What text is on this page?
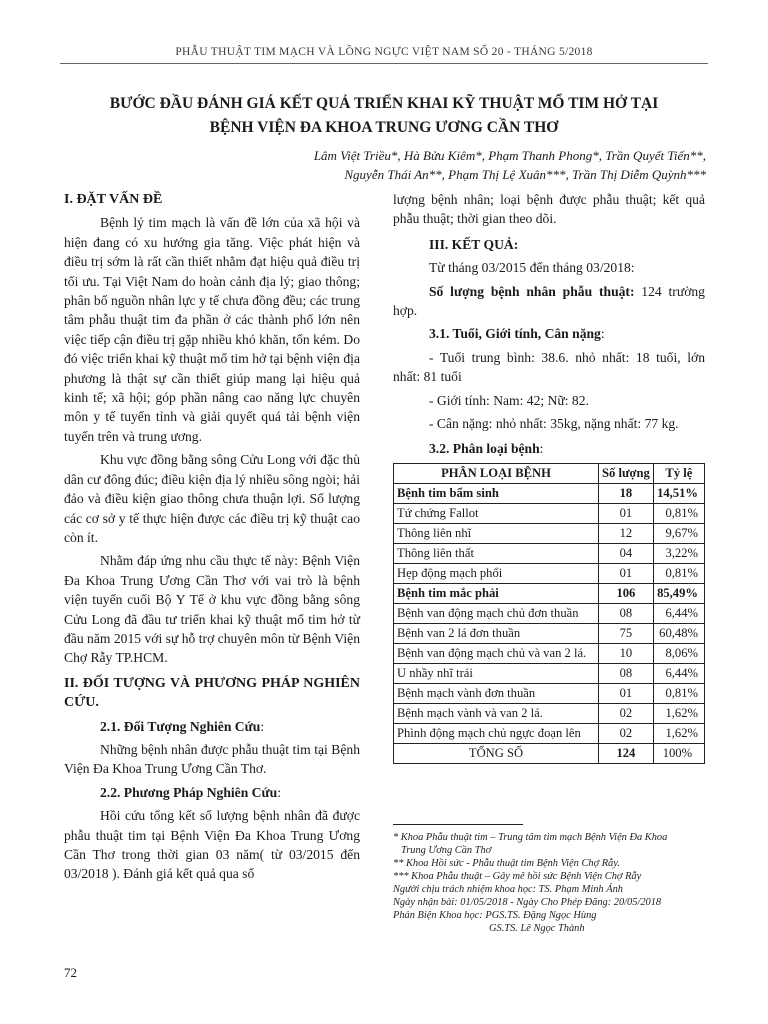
PHẪU THUẬT TIM MẠCH VÀ LỒNG NGỰC VIỆT NAM SỐ 20 - THÁNG 5/2018
BƯỚC ĐẦU ĐÁNH GIÁ KẾT QUẢ TRIỂN KHAI KỸ THUẬT MỔ TIM HỞ TẠI
BỆNH VIỆN ĐA KHOA TRUNG ƯƠNG CẦN THƠ
Lâm Việt Triều*, Hà Bửu Kiêm*, Phạm Thanh Phong*, Trần Quyết Tiến**,
Nguyễn Thái An**, Phạm Thị Lệ Xuân***, Trần Thị Diễm Quỳnh***

I. ĐẶT VẤN ĐỀ

Bệnh lý tim mạch là vấn đề lớn của xã hội và hiện đang có xu hướng gia tăng. Việc phát hiện và điều trị sớm là rất cần thiết nhằm đạt hiệu quả điều trị tối ưu. Tại Việt Nam do hoàn cảnh địa lý; giao thông; phân bố nguồn nhân lực y tế chưa đồng đều; các trung tâm phẫu thuật tim đa phần ở các thành phố lớn nên việc tiếp cận điều trị gặp nhiều khó khăn, tốn kém. Do đó việc triển khai kỹ thuật mổ tim hở tại bệnh viện địa phương là thật sự cần thiết giúp mang lại hiệu quả kinh tế; xã hội; góp phần nâng cao năng lực chuyên môn y tế tuyến tỉnh và giải quyết quá tải bệnh viện tuyến trên và trung ương.

Khu vực đồng bằng sông Cửu Long với đặc thù dân cư đông đúc; điều kiện địa lý nhiều sông ngòi; hải đảo và điều kiện giao thông chưa thuận lợi. Số lượng các cơ sở y tế thực hiện được các điều trị kỹ thuật cao còn ít.

Nhằm đáp ứng nhu cầu thực tế này: Bệnh Viện Đa Khoa Trung Ương Cần Thơ với vai trò là bệnh viện tuyến cuối Bộ Y Tế ở khu vực đồng bằng sông Cửu Long đã đầu tư triển khai kỹ thuật mổ tim hở từ đầu năm 2015 với sự hỗ trợ chuyên môn từ Bệnh Viện Chợ Rẫy TP.HCM.

II. ĐỐI TƯỢNG VÀ PHƯƠNG PHÁP NGHIÊN CỨU.

2.1. Đối Tượng Nghiên Cứu:

Những bệnh nhân được phẫu thuật tim tại Bệnh Viện Đa Khoa Trung Ương Cần Thơ.

2.2. Phương Pháp Nghiên Cứu:

Hồi cứu tổng kết số lượng bệnh nhân đã được phẫu thuật tim tại Bệnh Viện Đa Khoa Trung Ương Cần Thơ trong thời gian 03 năm( từ 03/2015 đến 03/2018 ). Đánh giá kết quả qua số

lượng bệnh nhân; loại bệnh được phẫu thuật; kết quả phẫu thuật; thời gian theo dõi.

III. KẾT QUẢ:

Từ tháng 03/2015 đến tháng 03/2018:

Số lượng bệnh nhân phẫu thuật: 124 trường hợp.

3.1. Tuổi, Giới tính, Cân nặng:

- Tuổi trung bình: 38.6. nhỏ nhất: 18 tuổi, lớn nhất: 81 tuổi

- Giới tính: Nam: 42; Nữ: 82.

- Cân nặng: nhỏ nhất: 35kg, nặng nhất: 77 kg.

3.2. Phân loại bệnh:

PHÂN LOẠI BỆNH	Số lượng	Tỷ lệ
Bệnh tim bẩm sinh	18	14,51%
Tứ chứng Fallot	01	0,81%
Thông liên nhĩ	12	9,67%
Thông liên thất	04	3,22%
Hẹp động mạch phổi	01	0,81%
Bệnh tim mắc phải	106	85,49%
Bệnh van động mạch chủ đơn thuần	08	6,44%
Bệnh van 2 lá đơn thuần	75	60,48%
Bệnh van động mạch chủ và van 2 lá.	10	8,06%
U nhầy nhĩ trái	08	6,44%
Bệnh mạch vành đơn thuần	01	0,81%
Bệnh mạch vành và van 2 lá.	02	1,62%
Phình động mạch chủ ngực đoạn lên	02	1,62%
TỔNG SỐ	124	100%
* Khoa Phẫu thuật tim – Trung tâm tim mạch Bệnh Viện Đa Khoa
Trung Ương Cần Thơ
** Khoa Hồi sức - Phẫu thuật tim Bệnh Viện Chợ Rẫy.
*** Khoa Phẫu thuật – Gây mê hồi sức Bệnh Viện Chợ Rẫy
Người chịu trách nhiệm khoa học: TS. Phạm Minh Ánh
Ngày nhận bài: 01/05/2018 - Ngày Cho Phép Đăng: 20/05/2018
Phản Biện Khoa học: PGS.TS. Đặng Ngọc Hùng
GS.TS. Lê Ngọc Thành
72
